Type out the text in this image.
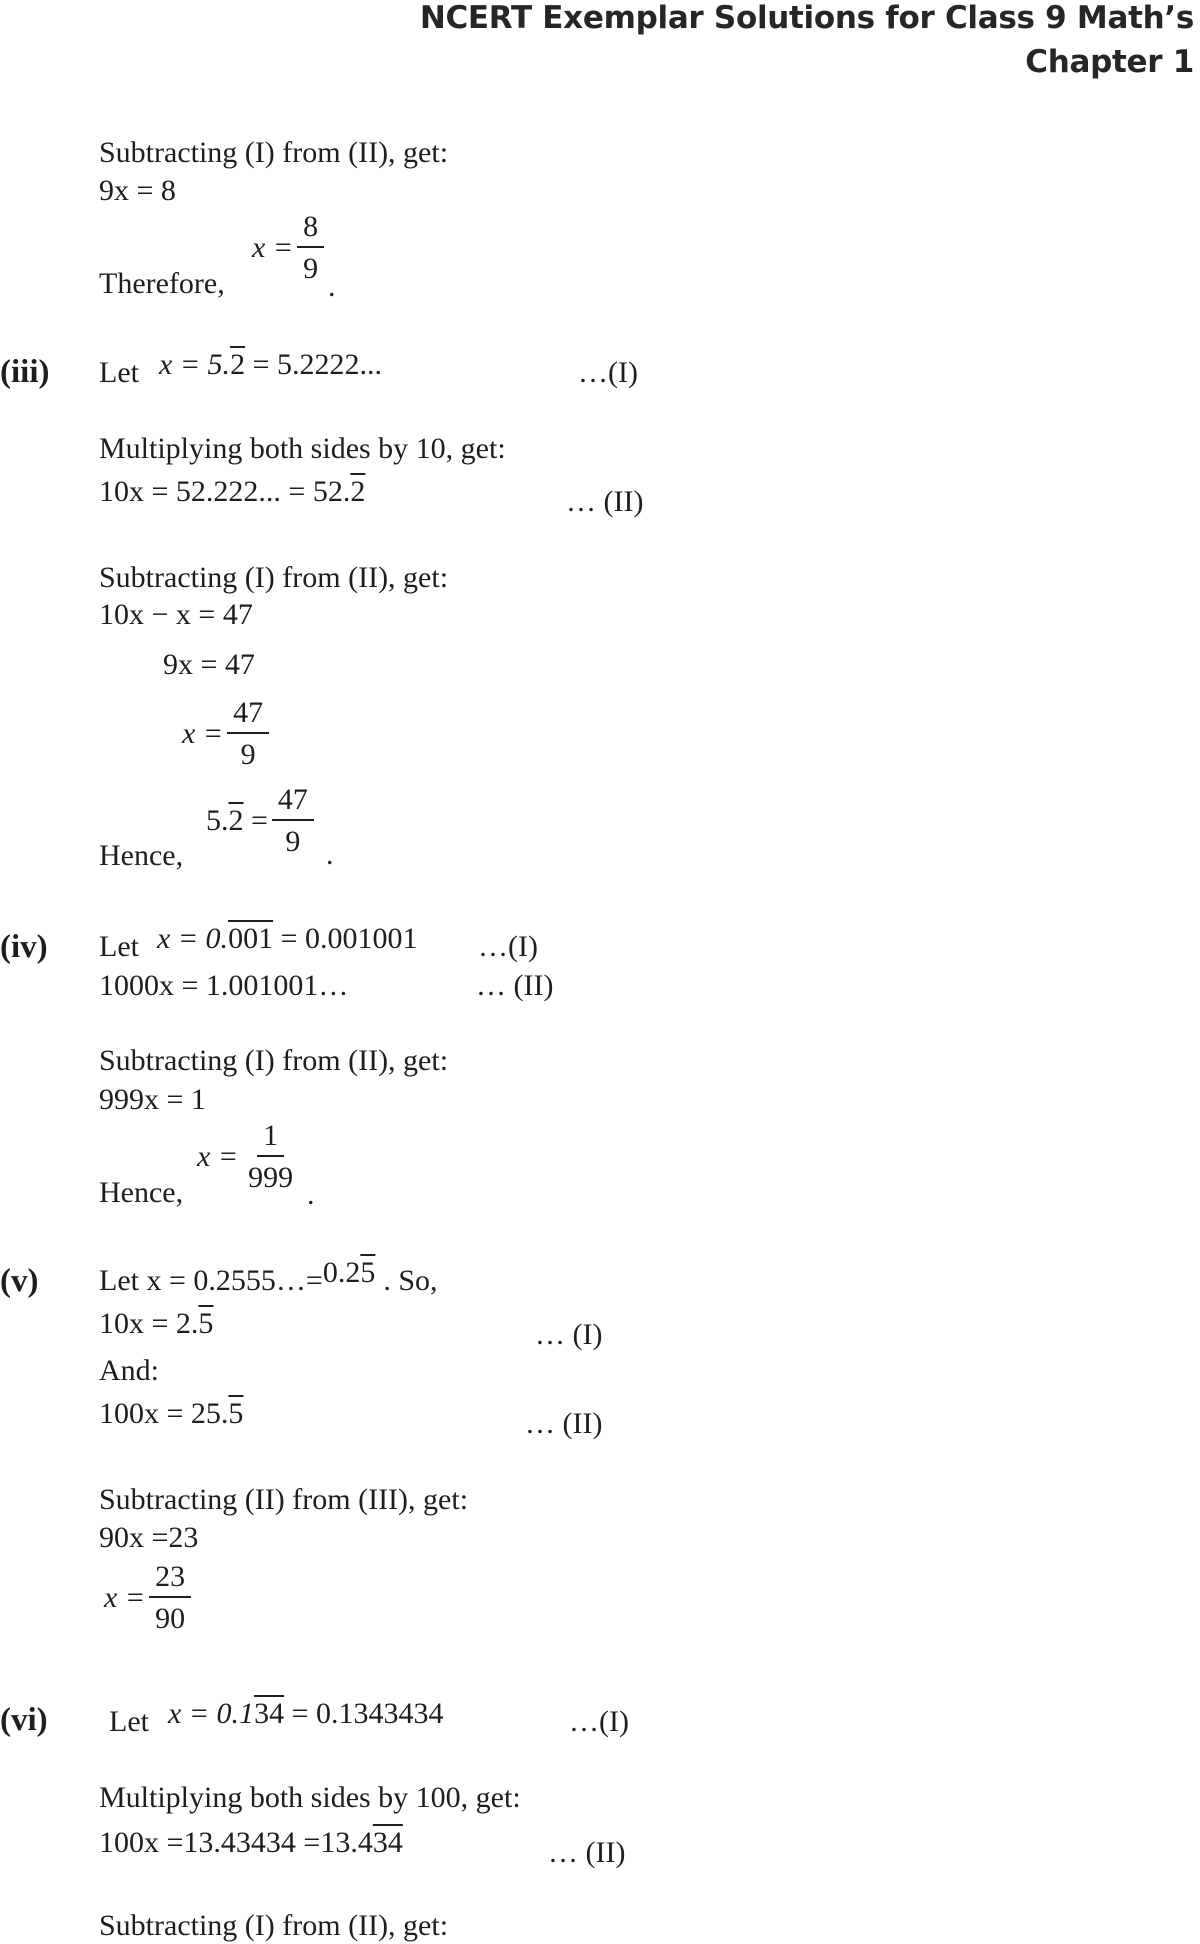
NCERT Exemplar Solutions for Class 9 Math’s
Chapter 1
Subtracting (I) from (II), get:
9x = 8
$x = \frac{8}{9}$
.
Therefore,
(iii) Let x = 5.2 = 5.2222...	…(I)
Multiplying both sides by 10, get:
10x = 52.222... = 52.2	… (II)
Subtracting (I) from (II), get:
10x − x = 47
9x = 47
$x = \frac{47}{9}$
$5.2 = \frac{47}{9}$ .
Hence,
(iv) Let x = 0.001 = 0.001001 …(I)
1000x = 1.001001…	… (II)
Subtracting (I) from (II), get:
999x = 1
$x = \frac{1}{999}$
.
Hence,
(v) Let x = 0.2555…=0.25 . So,
10x = 2.5	… (I)
And:
100x = 25.5	… (II)
Subtracting (II) from (III), get:
90x =23
$x = \frac{23}{90}$
(vi) Let x = 0.134 = 0.1343434	…(I)
Multiplying both sides by 100, get:
100x =13.43434 =13.434	… (II)
Subtracting (I) from (II), get:
